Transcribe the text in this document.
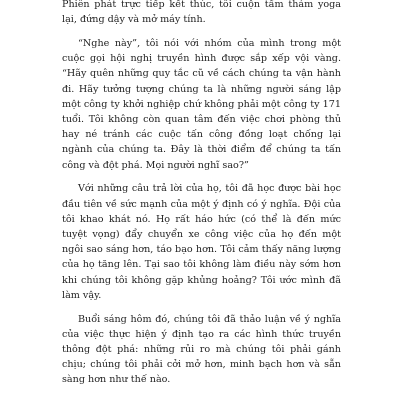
Phiên phát trực tiếp kết thúc, tôi cuộn tấm thảm yoga lại, đứng dậy và mở máy tính.

“Nghe này”, tôi nói với nhóm của mình trong một cuộc gọi hội nghị truyền hình được sắp xếp vội vàng. “Hãy quên những quy tắc cũ về cách chúng ta vận hành đi. Hãy tưởng tượng chúng ta là những người sáng lập một công ty khởi nghiệp chứ không phải một công ty 171 tuổi. Tôi không còn quan tâm đến việc chơi phòng thủ hay né tránh các cuộc tấn công đồng loạt chống lại ngành của chúng ta. Đây là thời điểm để chúng ta tấn công và đột phá. Mọi người nghĩ sao?”

Với những câu trả lời của họ, tôi đã học được bài học đầu tiên về sức mạnh của một ý định có ý nghĩa. Đội của tôi khao khát nó. Họ rất háo hức (có thể là đến mức tuyệt vọng) đẩy chuyển xe công việc của họ đến một ngôi sao sáng hơn, táo bạo hơn. Tôi cảm thấy năng lượng của họ tăng lên. Tại sao tôi không làm điều này sớm hơn khi chúng tôi không gặp khủng hoảng? Tôi ước mình đã làm vậy.

Buổi sáng hôm đó, chúng tôi đã thảo luận về ý nghĩa của việc thực hiện ý định tạo ra các hình thức truyền thông đột phá: những rủi ro mà chúng tôi phải gánh chịu; chúng tôi phải cởi mở hơn, minh bạch hơn và sẵn sàng hơn như thế nào.
